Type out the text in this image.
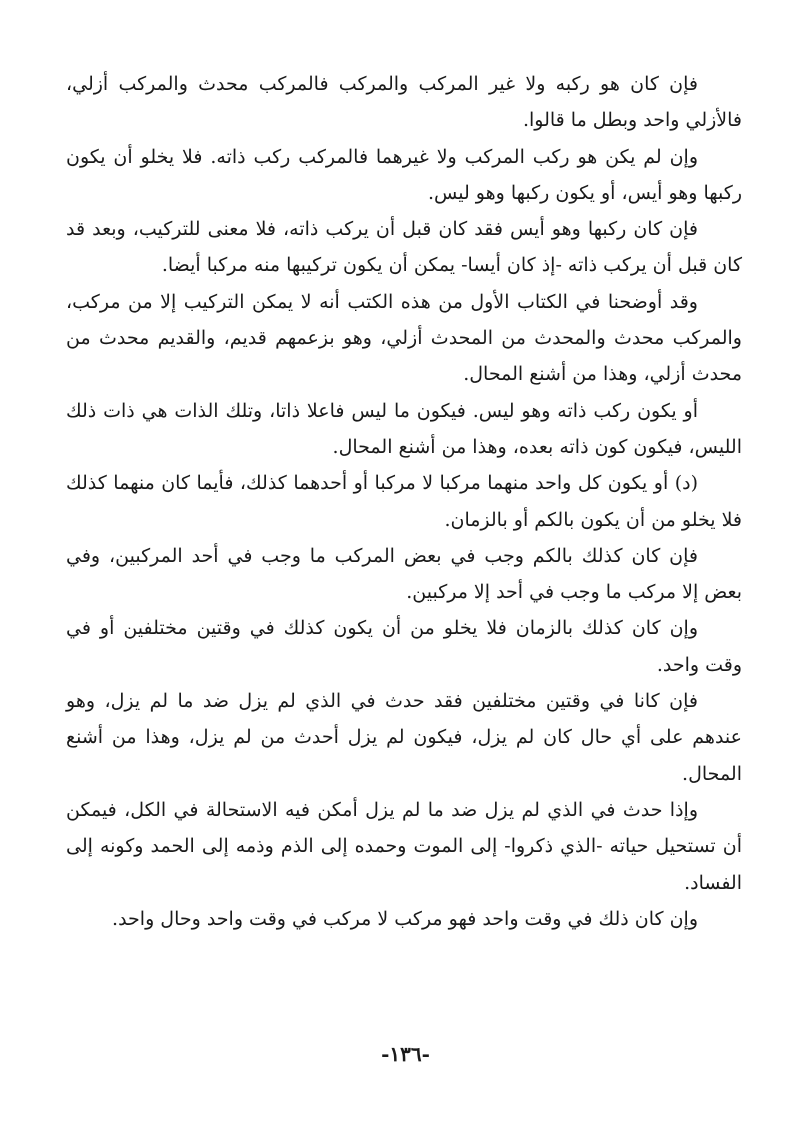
فإن كان هو ركبه ولا غير المركب والمركب فالمركب محدث والمركب أزلي، فالأزلي واحد وبطل ما قالوا.

وإن لم يكن هو ركب المركب ولا غيرهما فالمركب ركب ذاته. فلا يخلو أن يكون ركبها وهو أيس، أو يكون ركبها وهو ليس.

فإن كان ركبها وهو أيس فقد كان قبل أن يركب ذاته، فلا معنى للتركيب، وبعد قد كان قبل أن يركب ذاته -إذ كان أيسا- يمكن أن يكون تركيبها منه مركبا أيضا.

وقد أوضحنا في الكتاب الأول من هذه الكتب أنه لا يمكن التركيب إلا من مركب، والمركب محدث والمحدث من المحدث أزلي، وهو بزعمهم قديم، والقديم محدث من محدث أزلي، وهذا من أشنع المحال.

أو يكون ركب ذاته وهو ليس. فيكون ما ليس فاعلا ذاتا، وتلك الذات هي ذات ذلك الليس، فيكون كون ذاته بعده، وهذا من أشنع المحال.

(د) أو يكون كل واحد منهما مركبا لا مركبا أو أحدهما كذلك، فأيما كان منهما كذلك فلا يخلو من أن يكون بالكم أو بالزمان.

فإن كان كذلك بالكم وجب في بعض المركب ما وجب في أحد المركبين، وفي بعض إلا مركب ما وجب في أحد إلا مركبين.

وإن كان كذلك بالزمان فلا يخلو من أن يكون كذلك في وقتين مختلفين أو في وقت واحد.

فإن كانا في وقتين مختلفين فقد حدث في الذي لم يزل ضد ما لم يزل، وهو عندهم على أي حال كان لم يزل، فيكون لم يزل أحدث من لم يزل، وهذا من أشنع المحال.

وإذا حدث في الذي لم يزل ضد ما لم يزل أمكن فيه الاستحالة في الكل، فيمكن أن تستحيل حياته -الذي ذكروا- إلى الموت وحمده إلى الذم وذمه إلى الحمد وكونه إلى الفساد.

وإن كان ذلك في وقت واحد فهو مركب لا مركب في وقت واحد وحال واحد.

-١٣٦-
